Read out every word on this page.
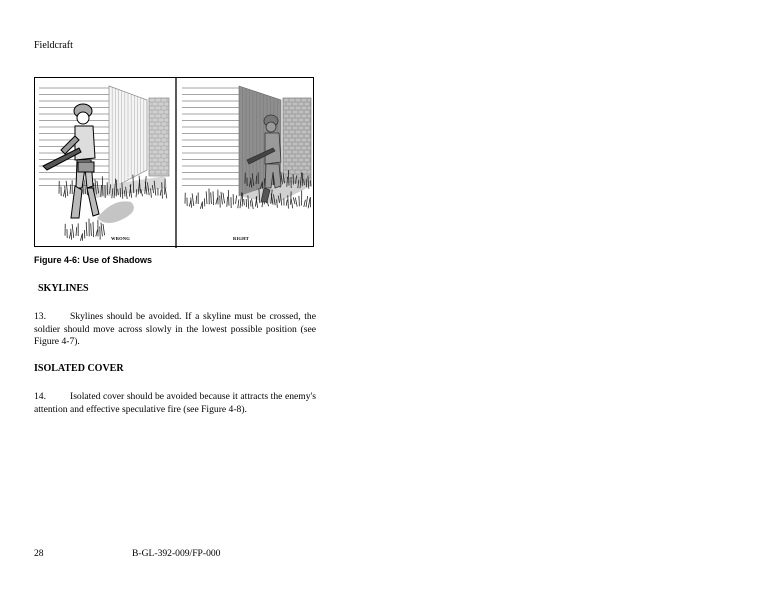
Fieldcraft
WRONG	RIGHT
Figure 4-6: Use of Shadows
SKYLINES
13.	Skylines should be avoided. If a skyline must be crossed, the soldier should move across slowly in the lowest possible position (see Figure 4-7).
ISOLATED COVER
14.	Isolated cover should be avoided because it attracts the enemy's attention and effective speculative fire (see Figure 4-8).
28	B-GL-392-009/FP-000
